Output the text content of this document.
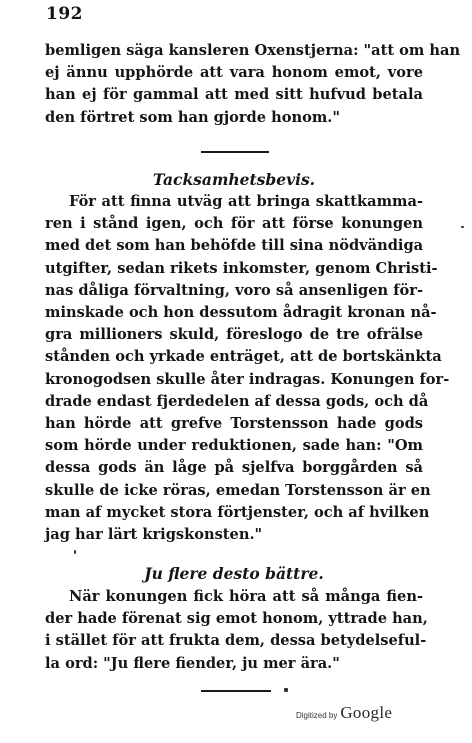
192
bemligen säga kansleren Oxenstjerna: "att om han
ej ännu upphörde att vara honom emot, vore
han ej för gammal att med sitt hufvud betala
den förtret som han gjorde honom."
Tacksamhetsbevis.
För att finna utväg att bringa skattkamma-
ren i stånd igen, och för att förse konungen
med det som han behöfde till sina nödvändiga
utgifter, sedan rikets inkomster, genom Christi-
nas dåliga förvaltning, voro så ansenligen för-
minskade och hon dessutom ådragit kronan nå-
gra millioners skuld, föreslogo de tre ofrälse
stånden och yrkade enträget, att de bortskänkta
kronogodsen skulle åter indragas. Konungen for-
drade endast fjerdedelen af dessa gods, och då
han hörde att grefve Torstensson hade gods
som hörde under reduktionen, sade han: "Om
dessa gods än låge på sjelfva borggården så
skulle de icke röras, emedan Torstensson är en
man af mycket stora förtjenster, och af hvilken
jag har lärt krigskonsten."
Ju flere desto bättre.
När konungen fick höra att så många fien-
der hade förenat sig emot honom, yttrade han,
i stället för att frukta dem, dessa betydelseful-
la ord: "Ju flere fiender, ju mer ära."
Digitized by Google
